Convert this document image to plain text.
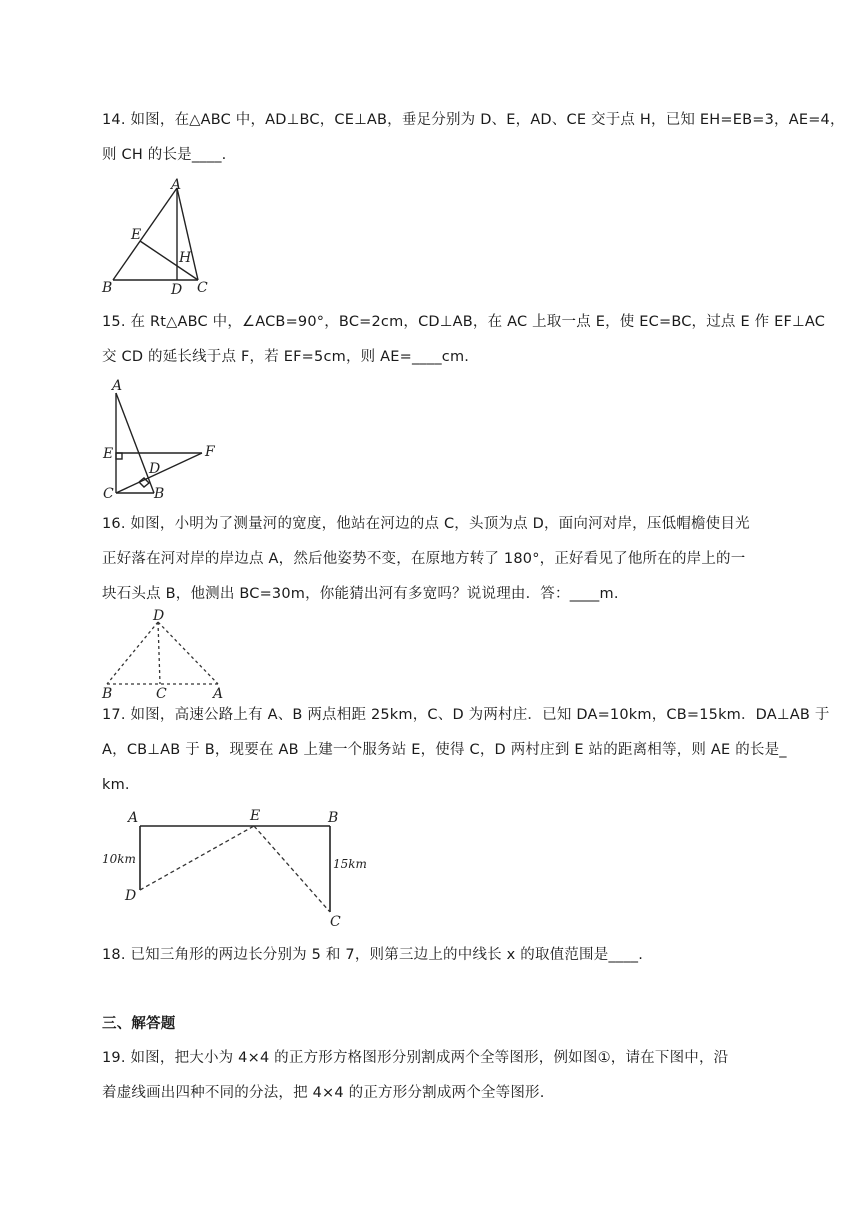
14. 如图，在△ABC 中，AD⊥BC，CE⊥AB，垂足分别为 D、E，AD、CE 交于点 H，已知 EH=EB=3，AE=4，
则 CH 的长是____.
A
E
H
B	D C
15. 在 Rt△ABC 中，∠ACB=90°，BC=2cm，CD⊥AB，在 AC 上取一点 E，使 EC=BC，过点 E 作 EF⊥AC
交 CD 的延长线于点 F，若 EF=5cm，则 AE=____cm.
A
E	F
D
C	B
16. 如图，小明为了测量河的宽度，他站在河边的点 C，头顶为点 D，面向河对岸，压低帽檐使目光
正好落在河对岸的岸边点 A，然后他姿势不变，在原地方转了 180°，正好看见了他所在的岸上的一
块石头点 B，他测出 BC=30m，你能猜出河有多宽吗？说说理由．答：____m.
D
B	C	A
17. 如图，高速公路上有 A、B 两点相距 25km，C、D 为两村庄．已知 DA=10km，CB=15km．DA⊥AB 于
A，CB⊥AB 于 B，现要在 AB 上建一个服务站 E，使得 C，D 两村庄到 E 站的距离相等，则 AE 的长是_
km.
A	E	B
10km	15km
D
C
18. 已知三角形的两边长分别为 5 和 7，则第三边上的中线长 x 的取值范围是____.
三、解答题
19. 如图，把大小为 4×4 的正方形方格图形分别割成两个全等图形，例如图①，请在下图中，沿
着虚线画出四种不同的分法，把 4×4 的正方形分割成两个全等图形.
